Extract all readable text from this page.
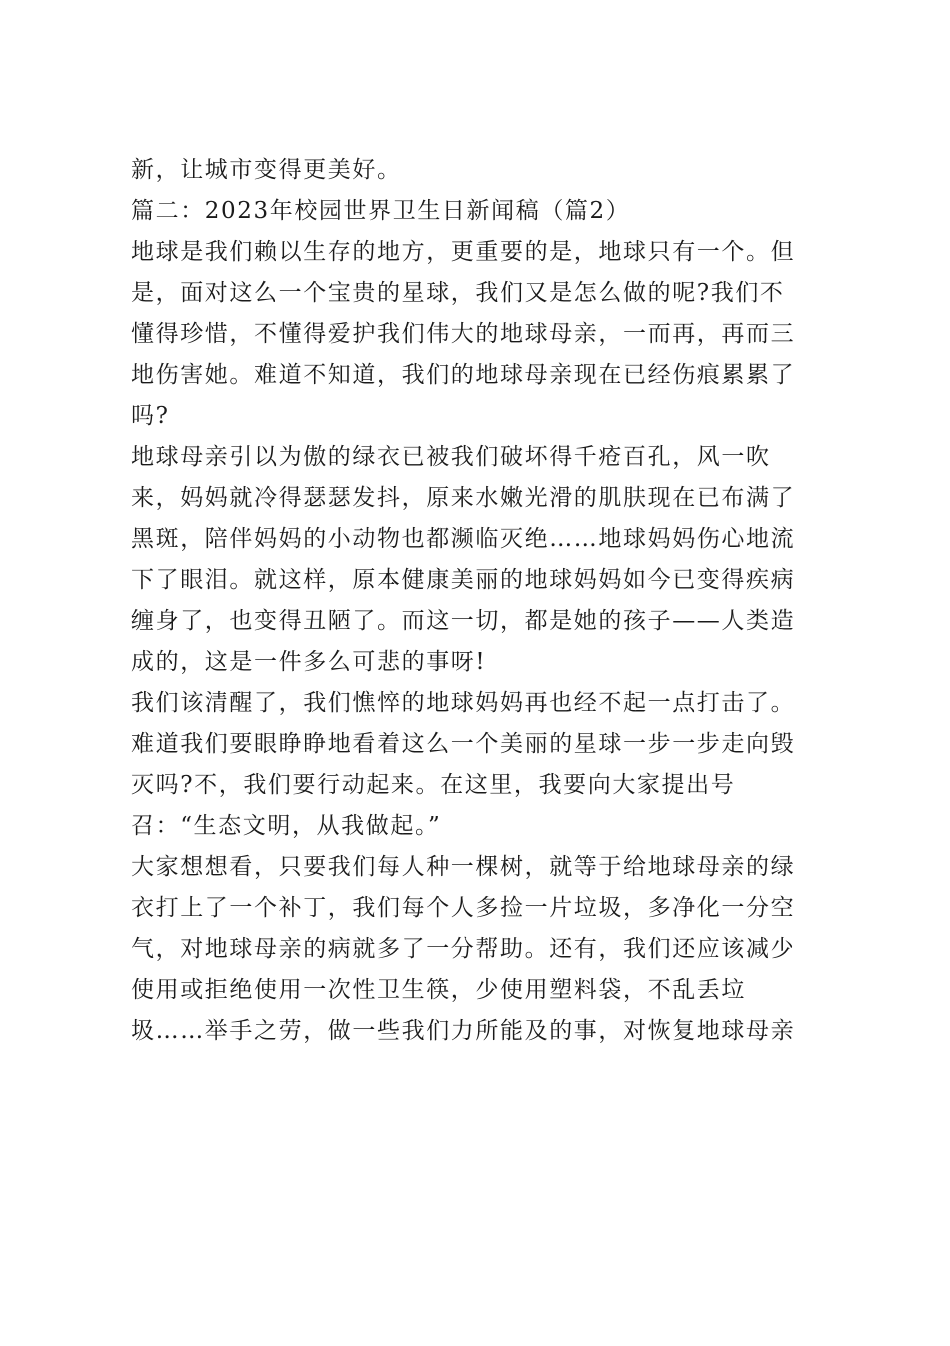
新，让城市变得更美好。
篇二：2023年校园世界卫生日新闻稿（篇2）
地球是我们赖以生存的地方，更重要的是，地球只有一个。但
是，面对这么一个宝贵的星球，我们又是怎么做的呢?我们不
懂得珍惜，不懂得爱护我们伟大的地球母亲，一而再，再而三
地伤害她。难道不知道，我们的地球母亲现在已经伤痕累累了
吗?
地球母亲引以为傲的绿衣已被我们破坏得千疮百孔，风一吹
来，妈妈就冷得瑟瑟发抖，原来水嫩光滑的肌肤现在已布满了
黑斑，陪伴妈妈的小动物也都濒临灭绝……地球妈妈伤心地流
下了眼泪。就这样，原本健康美丽的地球妈妈如今已变得疾病
缠身了，也变得丑陋了。而这一切，都是她的孩子——人类造
成的，这是一件多么可悲的事呀!
我们该清醒了，我们憔悴的地球妈妈再也经不起一点打击了。
难道我们要眼睁睁地看着这么一个美丽的星球一步一步走向毁
灭吗?不，我们要行动起来。在这里，我要向大家提出号
召：“生态文明，从我做起。”
大家想想看，只要我们每人种一棵树，就等于给地球母亲的绿
衣打上了一个补丁，我们每个人多捡一片垃圾，多净化一分空
气，对地球母亲的病就多了一分帮助。还有，我们还应该减少
使用或拒绝使用一次性卫生筷，少使用塑料袋，不乱丢垃
圾……举手之劳，做一些我们力所能及的事，对恢复地球母亲
